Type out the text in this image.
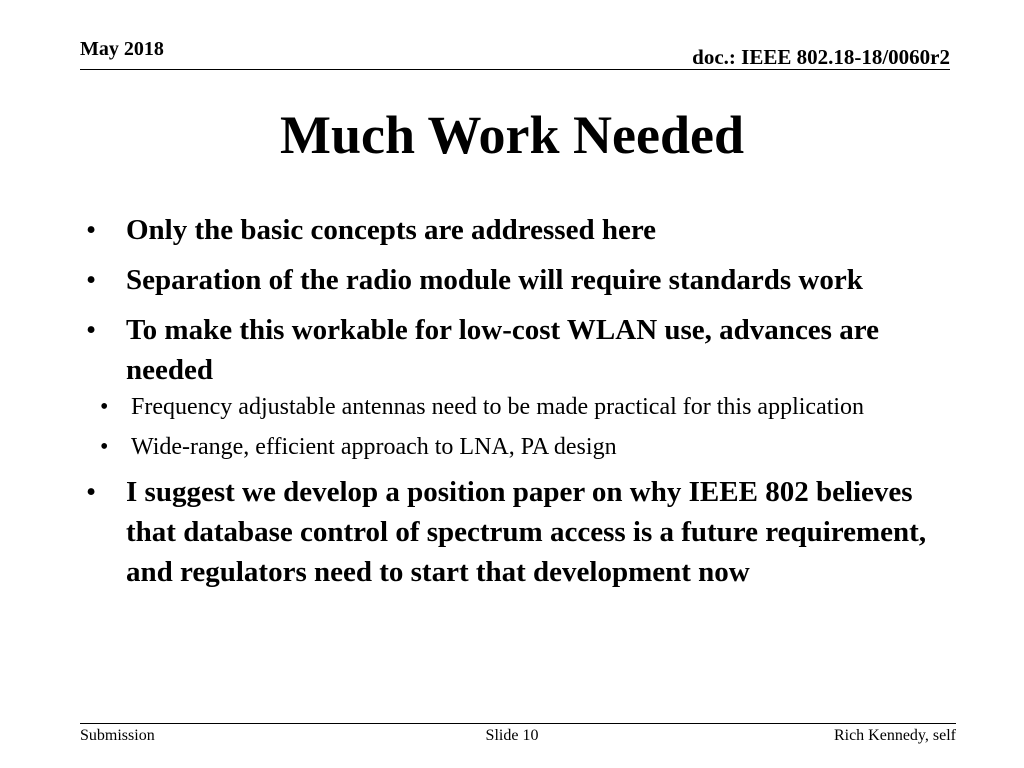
May 2018	doc.: IEEE 802.18-18/0060r2
Much Work Needed
• Only the basic concepts are addressed here
• Separation of the radio module will require standards work
• To make this workable for low-cost WLAN use, advances are needed
• Frequency adjustable antennas need to be made practical for this application
• Wide-range, efficient approach to LNA, PA design
• I suggest we develop a position paper on why IEEE 802 believes that database control of spectrum access is a future requirement, and regulators need to start that development now
Submission	Slide 10	Rich Kennedy, self
